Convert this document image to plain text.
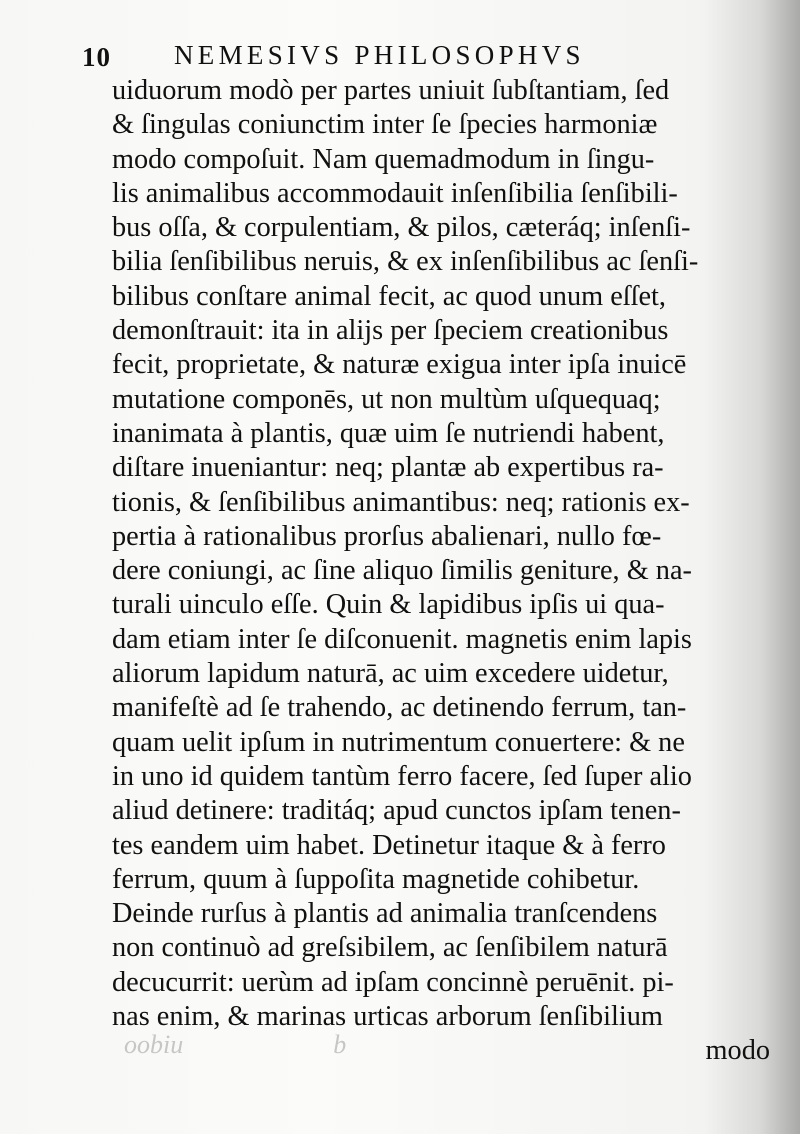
10 NEMESIVS PHILOSOPHVS
uiduorum modò per partes uniuit ſubſtantiam, ſed
& ſingulas coniunctim inter ſe ſpecies harmoniæ
modo compoſuit. Nam quemadmodum in ſingu-
lis animalibus accommodauit inſenſibilia ſenſibili-
bus oſſa, & corpulentiam, & pilos, cæteráq; inſenſi-
bilia ſenſibilibus neruis, & ex inſenſibilibus ac ſenſi-
bilibus conſtare animal fecit, ac quod unum eſſet,
demonſtrauit: ita in alijs per ſpeciem creationibus
fecit, proprietate, & naturæ exigua inter ipſa inuicē
mutatione componēs, ut non multùm uſquequaq;
inanimata à plantis, quæ uim ſe nutriendi habent,
diſtare inueniantur: neq; plantæ ab expertibus ra-
tionis, & ſenſibilibus animantibus: neq; rationis ex-
pertia à rationalibus prorſus abalienari, nullo fœ-
dere coniungi, ac ſine aliquo ſimilis geniture, & na-
turali uinculo eſſe. Quin & lapidibus ipſis ui qua-
dam etiam inter ſe diſconuenit. magnetis enim lapis
aliorum lapidum naturā, ac uim excedere uidetur,
manifeſtè ad ſe trahendo, ac detinendo ferrum, tan-
quam uelit ipſum in nutrimentum conuertere: & ne
in uno id quidem tantùm ferro facere, ſed ſuper alio
aliud detinere: traditáq; apud cunctos ipſam tenen-
tes eandem uim habet. Detinetur itaque & à ferro
ferrum, quum à ſuppoſita magnetide cohibetur.
Deinde rurſus à plantis ad animalia tranſcendens
non continuò ad greſsibilem, ac ſenſibilem naturā
decucurrit: uerùm ad ipſam concinnè peruēnit. pi-
nas enim, & marinas urticas arborum ſenſibilium
modo
oobiu	b
